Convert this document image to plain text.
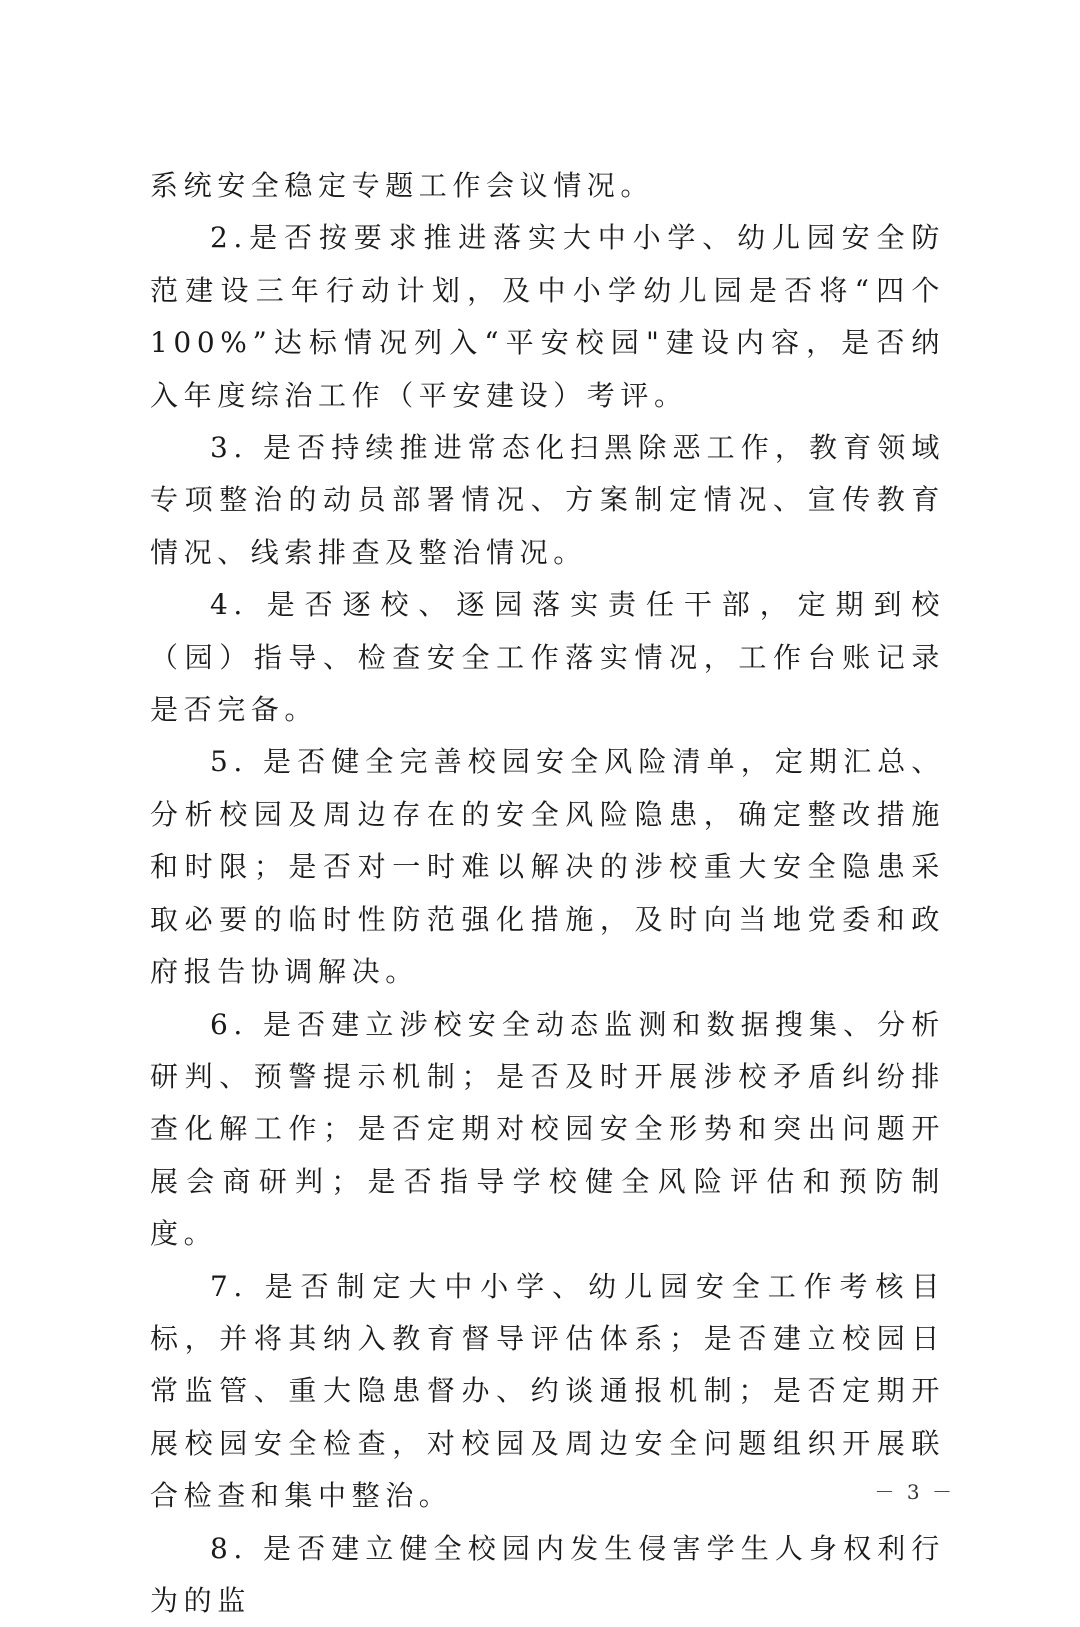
系统安全稳定专题工作会议情况。

2.是否按要求推进落实大中小学、幼儿园安全防范建设三年行动计划，及中小学幼儿园是否将“四个100%”达标情况列入“平安校园"建设内容，是否纳入年度综治工作（平安建设）考评。

3. 是否持续推进常态化扫黑除恶工作，教育领域专项整治的动员部署情况、方案制定情况、宣传教育情况、线索排查及整治情况。

4. 是否逐校、逐园落实责任干部，定期到校（园）指导、检查安全工作落实情况，工作台账记录是否完备。

5. 是否健全完善校园安全风险清单，定期汇总、分析校园及周边存在的安全风险隐患，确定整改措施和时限；是否对一时难以解决的涉校重大安全隐患采取必要的临时性防范强化措施，及时向当地党委和政府报告协调解决。

6. 是否建立涉校安全动态监测和数据搜集、分析研判、预警提示机制；是否及时开展涉校矛盾纠纷排查化解工作；是否定期对校园安全形势和突出问题开展会商研判；是否指导学校健全风险评估和预防制度。

7. 是否制定大中小学、幼儿园安全工作考核目标，并将其纳入教育督导评估体系；是否建立校园日常监管、重大隐患督办、约谈通报机制；是否定期开展校园安全检查，对校园及周边安全问题组织开展联合检查和集中整治。

8. 是否建立健全校园内发生侵害学生人身权利行为的监

－ 3 －
